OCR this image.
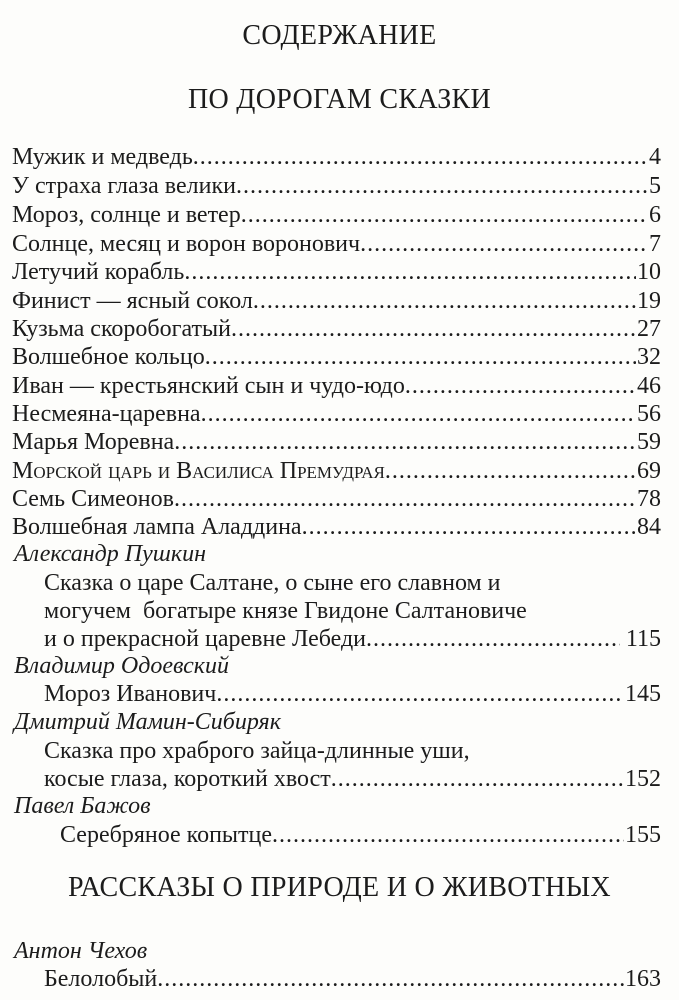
СОДЕРЖАНИЕ
ПО ДОРОГАМ СКАЗКИ
Мужик и медведь .....	4
У страха глаза велики .....	5
Мороз, солнце и ветер .....	6
Солнце, месяц и ворон воронович .....	7
Летучий корабль .....	10
Финист — ясный сокол .....	19
Кузьма скоробогатый .....	27
Волшебное кольцо .....	32
Иван — крестьянский сын и чудо-юдо .....	46
Несмеяна-царевна .....	56
Марья Моревна .....	59
Морской царь и Василиса Премудрая .....	69
Семь Симеонов .....	78
Волшебная лампа Аладдина .....	84
Александр Пушкин
Сказка о царе Салтане, о сыне его славном и
могучем  богатыре князе Гвидоне Салтановиче
и о прекрасной царевне Лебеди .....	115
Владимир Одоевский
Мороз Иванович .....	145
Дмитрий Мамин-Сибиряк
Сказка про храброго зайца-длинные уши,
косые глаза, короткий хвост .....	152
Павел Бажов
Серебряное копытце .....	155
РАССКАЗЫ О ПРИРОДЕ И О ЖИВОТНЫХ
Антон Чехов
Белолобый .....	163
